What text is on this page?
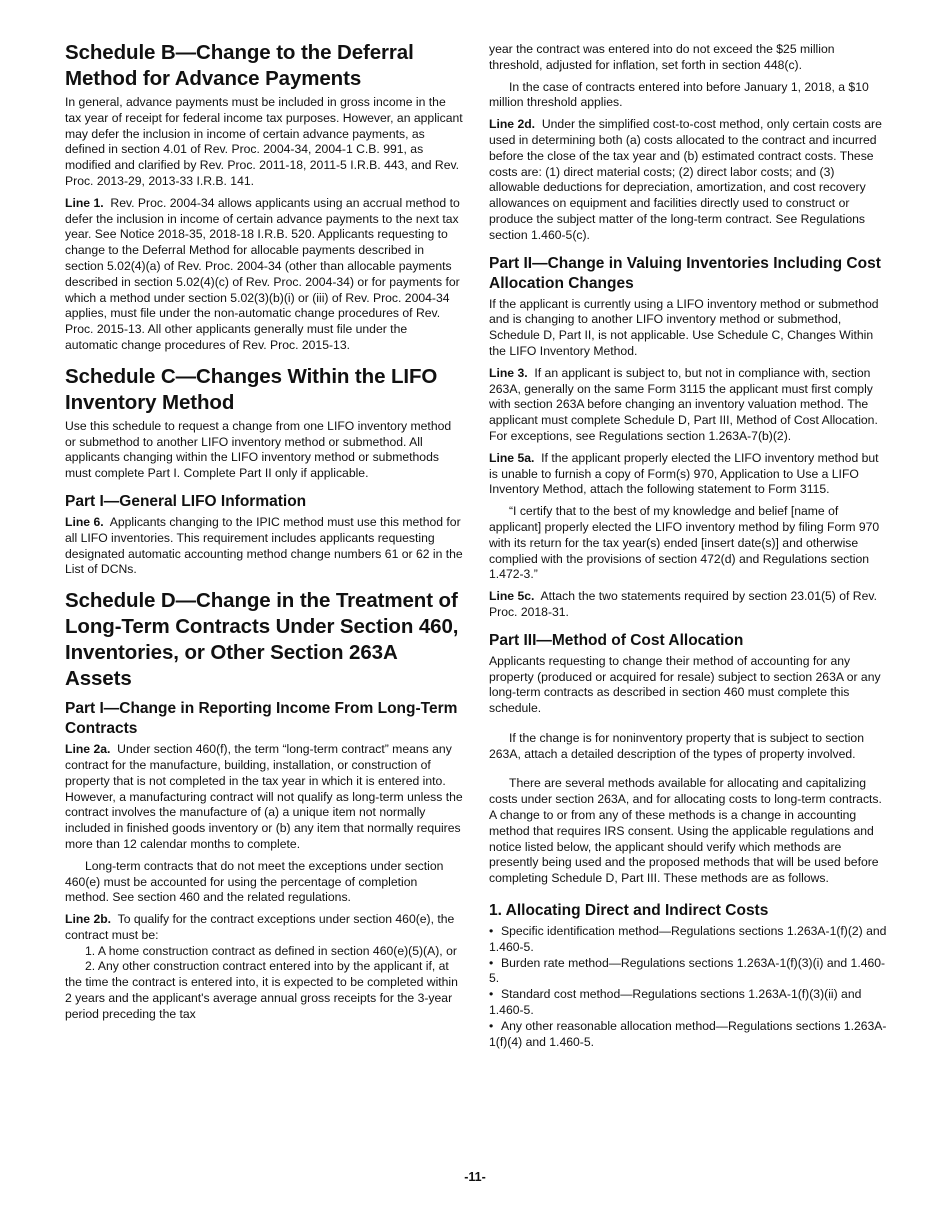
Schedule B—Change to the Deferral Method for Advance Payments

In general, advance payments must be included in gross income in the tax year of receipt for federal income tax purposes. However, an applicant may defer the inclusion in income of certain advance payments, as defined in section 4.01 of Rev. Proc. 2004-34, 2004-1 C.B. 991, as modified and clarified by Rev. Proc. 2011-18, 2011-5 I.R.B. 443, and Rev. Proc. 2013-29, 2013-33 I.R.B. 141.

Line 1. Rev. Proc. 2004-34 allows applicants using an accrual method to defer the inclusion in income of certain advance payments to the next tax year. See Notice 2018-35, 2018-18 I.R.B. 520. Applicants requesting to change to the Deferral Method for allocable payments described in section 5.02(4)(a) of Rev. Proc. 2004-34 (other than allocable payments described in section 5.02(4)(c) of Rev. Proc. 2004-34) or for payments for which a method under section 5.02(3)(b)(i) or (iii) of Rev. Proc. 2004-34 applies, must file under the non-automatic change procedures of Rev. Proc. 2015-13. All other applicants generally must file under the automatic change procedures of Rev. Proc. 2015-13.

Schedule C—Changes Within the LIFO Inventory Method

Use this schedule to request a change from one LIFO inventory method or submethod to another LIFO inventory method or submethod. All applicants changing within the LIFO inventory method or submethods must complete Part I. Complete Part II only if applicable.

Part I—General LIFO Information

Line 6. Applicants changing to the IPIC method must use this method for all LIFO inventories. This requirement includes applicants requesting designated automatic accounting method change numbers 61 or 62 in the List of DCNs.

Schedule D—Change in the Treatment of Long-Term Contracts Under Section 460, Inventories, or Other Section 263A Assets
Part I—Change in Reporting Income From Long-Term Contracts

Line 2a. Under section 460(f), the term “long-term contract” means any contract for the manufacture, building, installation, or construction of property that is not completed in the tax year in which it is entered into. However, a manufacturing contract will not qualify as long-term unless the contract involves the manufacture of (a) a unique item not normally included in finished goods inventory or (b) any item that normally requires more than 12 calendar months to complete.

Long-term contracts that do not meet the exceptions under section 460(e) must be accounted for using the percentage of completion method. See section 460 and the related regulations.

Line 2b. To qualify for the contract exceptions under section 460(e), the contract must be:

1. A home construction contract as defined in section 460(e)(5)(A), or

2. Any other construction contract entered into by the applicant if, at the time the contract is entered into, it is expected to be completed within 2 years and the applicant's average annual gross receipts for the 3-year period preceding the tax

year the contract was entered into do not exceed the $25 million threshold, adjusted for inflation, set forth in section 448(c).

In the case of contracts entered into before January 1, 2018, a $10 million threshold applies.

Line 2d. Under the simplified cost-to-cost method, only certain costs are used in determining both (a) costs allocated to the contract and incurred before the close of the tax year and (b) estimated contract costs. These costs are: (1) direct material costs; (2) direct labor costs; and (3) allowable deductions for depreciation, amortization, and cost recovery allowances on equipment and facilities directly used to construct or produce the subject matter of the long-term contract. See Regulations section 1.460-5(c).

Part II—Change in Valuing Inventories Including Cost Allocation Changes

If the applicant is currently using a LIFO inventory method or submethod and is changing to another LIFO inventory method or submethod, Schedule D, Part II, is not applicable. Use Schedule C, Changes Within the LIFO Inventory Method.

Line 3. If an applicant is subject to, but not in compliance with, section 263A, generally on the same Form 3115 the applicant must first comply with section 263A before changing an inventory valuation method. The applicant must complete Schedule D, Part III, Method of Cost Allocation. For exceptions, see Regulations section 1.263A-7(b)(2).

Line 5a. If the applicant properly elected the LIFO inventory method but is unable to furnish a copy of Form(s) 970, Application to Use a LIFO Inventory Method, attach the following statement to Form 3115.

“I certify that to the best of my knowledge and belief [name of applicant] properly elected the LIFO inventory method by filing Form 970 with its return for the tax year(s) ended [insert date(s)] and otherwise complied with the provisions of section 472(d) and Regulations section 1.472-3.”

Line 5c. Attach the two statements required by section 23.01(5) of Rev. Proc. 2018-31.

Part III—Method of Cost Allocation

Applicants requesting to change their method of accounting for any property (produced or acquired for resale) subject to section 263A or any long-term contracts as described in section 460 must complete this schedule.

If the change is for noninventory property that is subject to section 263A, attach a detailed description of the types of property involved.

There are several methods available for allocating and capitalizing costs under section 263A, and for allocating costs to long-term contracts. A change to or from any of these methods is a change in accounting method that requires IRS consent. Using the applicable regulations and notice listed below, the applicant should verify which methods are presently being used and the proposed methods that will be used before completing Schedule D, Part III. These methods are as follows.

1. Allocating Direct and Indirect Costs
• Specific identification method—Regulations sections 1.263A-1(f)(2) and 1.460-5.
• Burden rate method—Regulations sections 1.263A-1(f)(3)(i) and 1.460-5.
• Standard cost method—Regulations sections 1.263A-1(f)(3)(ii) and 1.460-5.
• Any other reasonable allocation method—Regulations sections 1.263A-1(f)(4) and 1.460-5.
-11-
